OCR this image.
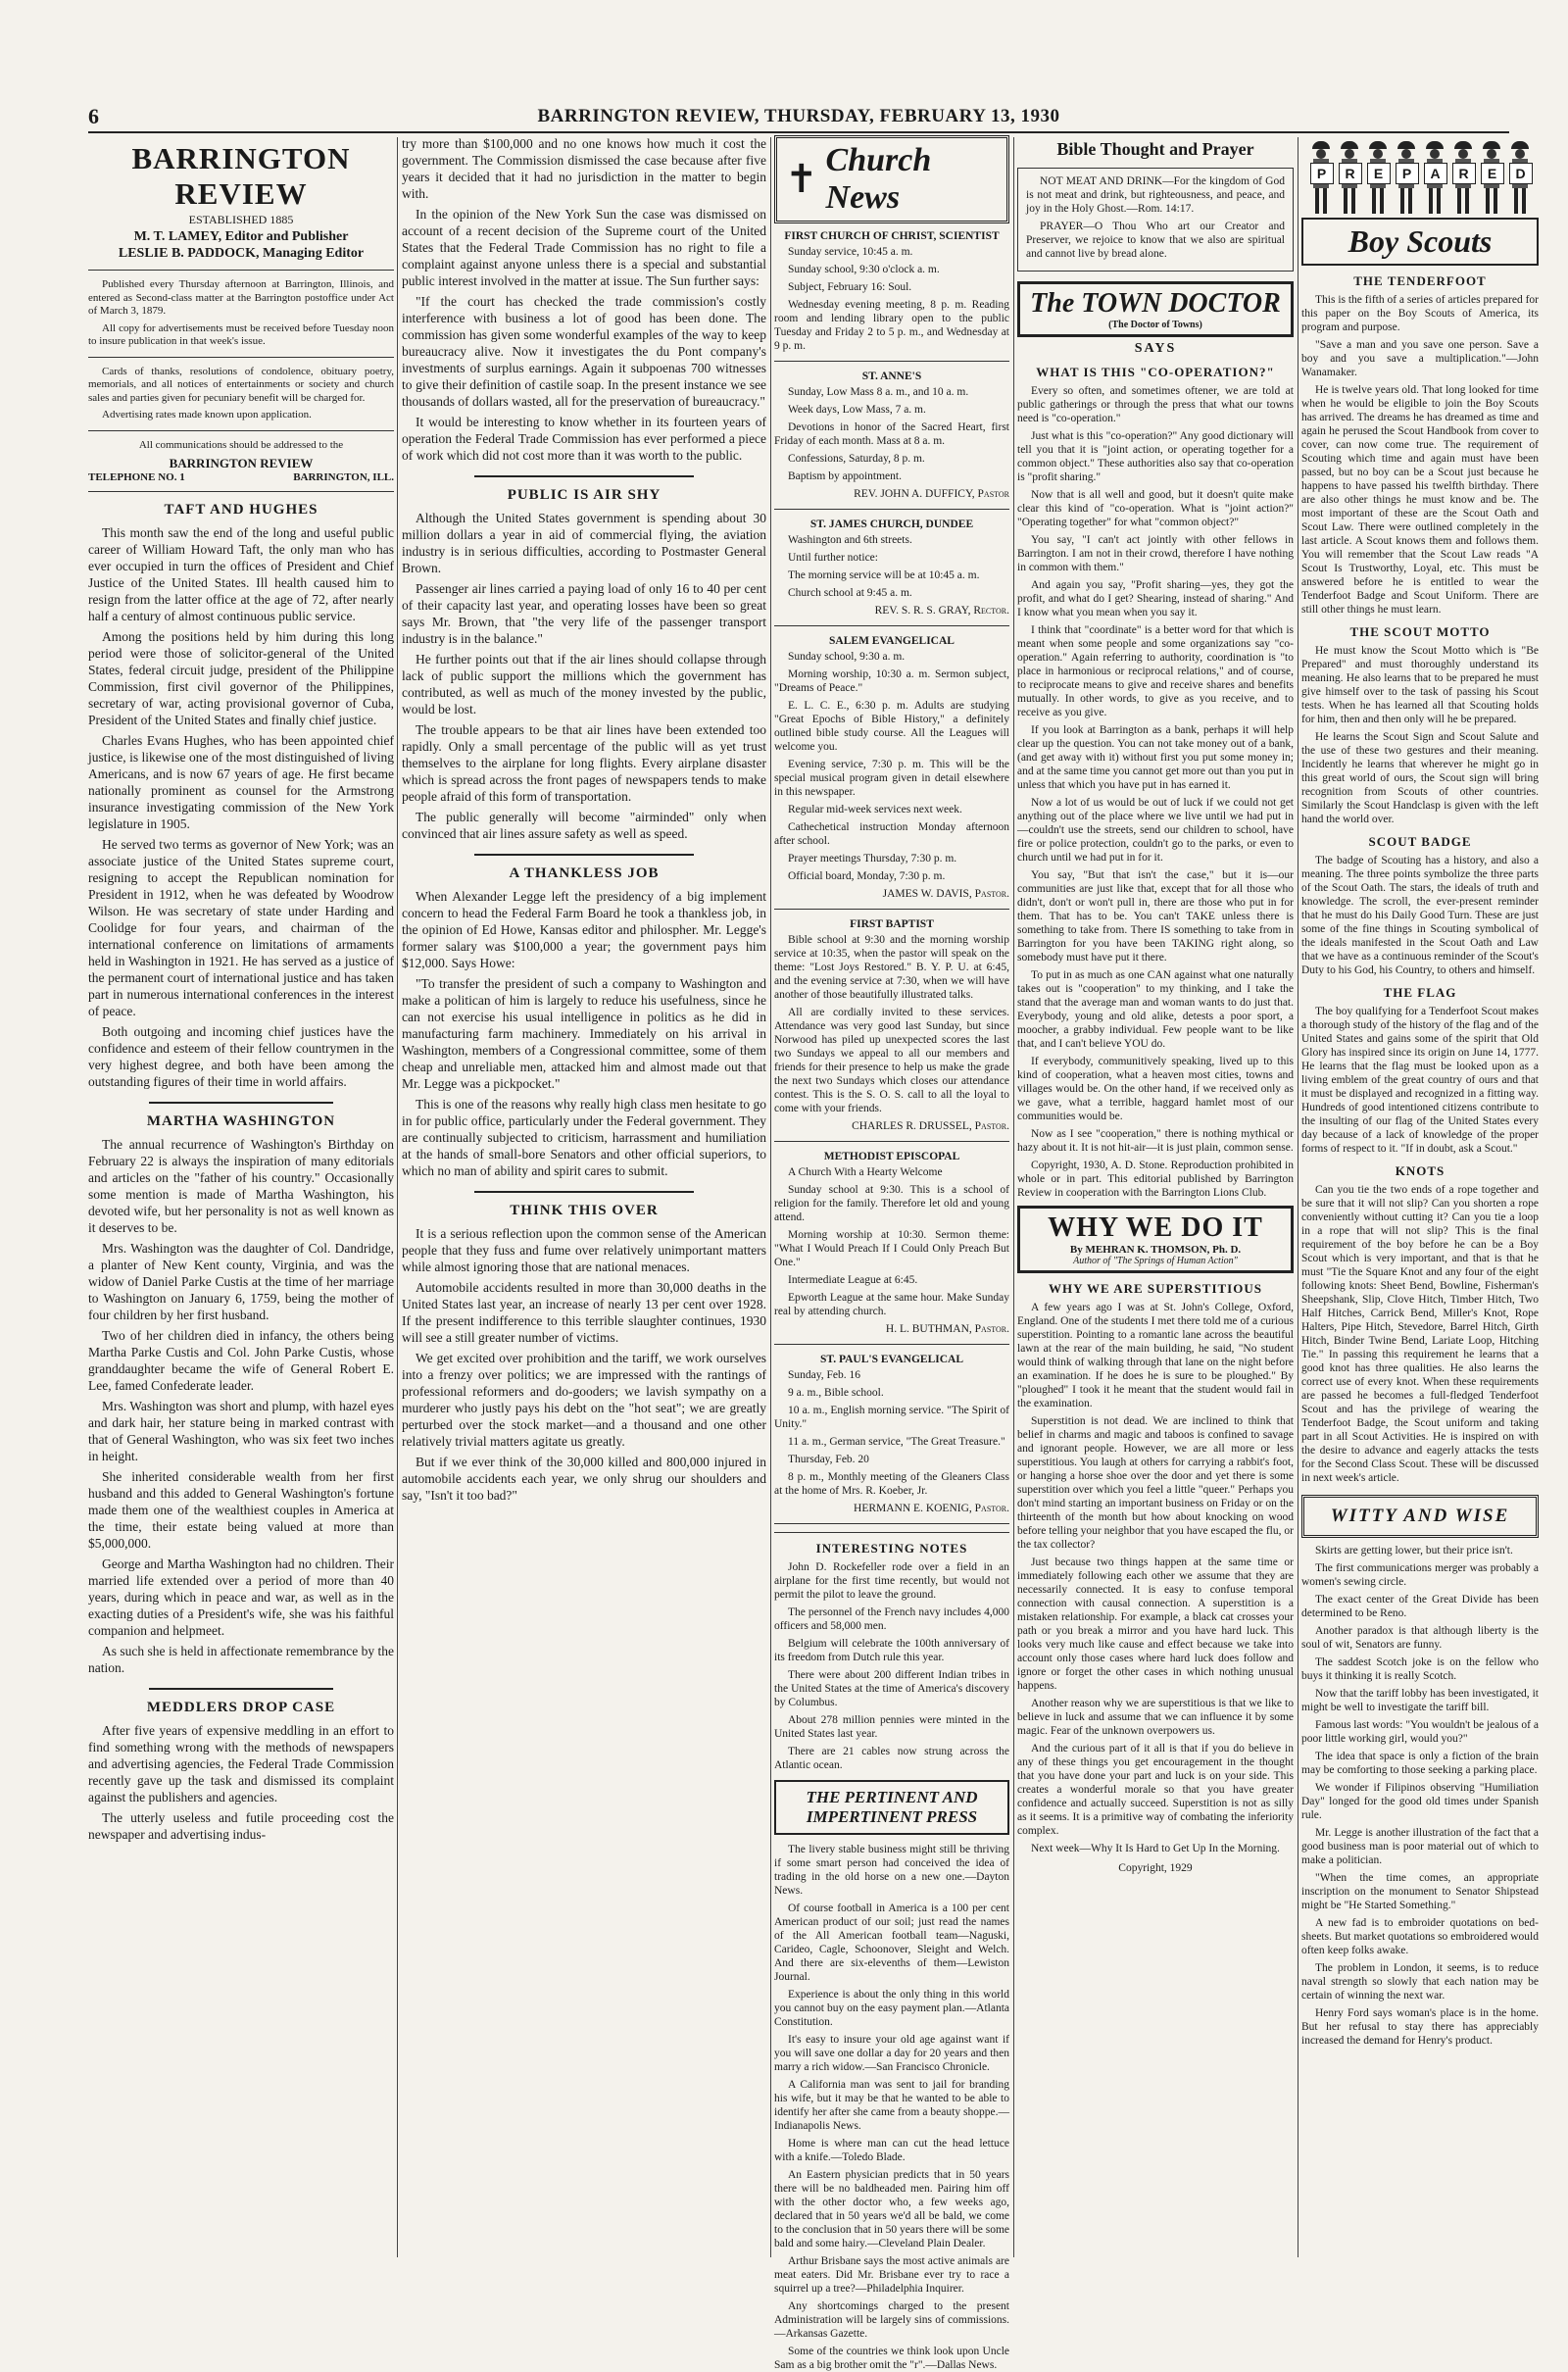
6	BARRINGTON REVIEW, THURSDAY, FEBRUARY 13, 1930
BARRINGTON REVIEW

ESTABLISHED 1885

M. T. LAMEY, Editor and Publisher

LESLIE B. PADDOCK, Managing Editor

Published every Thursday afternoon at Barrington, Illinois, and entered as Second-class matter at the Barrington postoffice under Act of March 3, 1879.

All copy for advertisements must be received before Tuesday noon to insure publication in that week's issue.

Cards of thanks, resolutions of condolence, obituary poetry, memorials, and all notices of entertainments or society and church sales and parties given for pecuniary benefit will be charged for.

Advertising rates made known upon application.

All communications should be addressed to the

BARRINGTON REVIEW
TELEPHONE NO. 1	BARRINGTON, ILL.
TAFT AND HUGHES

This month saw the end of the long and useful public career of William Howard Taft, the only man who has ever occupied in turn the offices of President and Chief Justice of the United States. Ill health caused him to resign from the latter office at the age of 72, after nearly half a century of almost continuous public service.

Among the positions held by him during this long period were those of solicitor-general of the United States, federal circuit judge, president of the Philippine Commission, first civil governor of the Philippines, secretary of war, acting provisional governor of Cuba, President of the United States and finally chief justice.

Charles Evans Hughes, who has been appointed chief justice, is likewise one of the most distinguished of living Americans, and is now 67 years of age. He first became nationally prominent as counsel for the Armstrong insurance investigating commission of the New York legislature in 1905.

He served two terms as governor of New York; was an associate justice of the United States supreme court, resigning to accept the Republican nomination for President in 1912, when he was defeated by Woodrow Wilson. He was secretary of state under Harding and Coolidge for four years, and chairman of the international conference on limitations of armaments held in Washington in 1921. He has served as a justice of the permanent court of international justice and has taken part in numerous international conferences in the interest of peace.

Both outgoing and incoming chief justices have the confidence and esteem of their fellow countrymen in the very highest degree, and both have been among the outstanding figures of their time in world affairs.

MARTHA WASHINGTON

The annual recurrence of Washington's Birthday on February 22 is always the inspiration of many editorials and articles on the "father of his country." Occasionally some mention is made of Martha Washington, his devoted wife, but her personality is not as well known as it deserves to be.

Mrs. Washington was the daughter of Col. Dandridge, a planter of New Kent county, Virginia, and was the widow of Daniel Parke Custis at the time of her marriage to Washington on January 6, 1759, being the mother of four children by her first husband.

Two of her children died in infancy, the others being Martha Parke Custis and Col. John Parke Custis, whose granddaughter became the wife of General Robert E. Lee, famed Confederate leader.

Mrs. Washington was short and plump, with hazel eyes and dark hair, her stature being in marked contrast with that of General Washington, who was six feet two inches in height.

She inherited considerable wealth from her first husband and this added to General Washington's fortune made them one of the wealthiest couples in America at the time, their estate being valued at more than $5,000,000.

George and Martha Washington had no children. Their married life extended over a period of more than 40 years, during which in peace and war, as well as in the exacting duties of a President's wife, she was his faithful companion and helpmeet.

As such she is held in affectionate remembrance by the nation.

MEDDLERS DROP CASE

After five years of expensive meddling in an effort to find something wrong with the methods of newspapers and advertising agencies, the Federal Trade Commission recently gave up the task and dismissed its complaint against the publishers and agencies.

The utterly useless and futile proceeding cost the newspaper and advertising indus-

try more than $100,000 and no one knows how much it cost the government. The Commission dismissed the case because after five years it decided that it had no jurisdiction in the matter to begin with.

In the opinion of the New York Sun the case was dismissed on account of a recent decision of the Supreme court of the United States that the Federal Trade Commission has no right to file a complaint against anyone unless there is a special and substantial public interest involved in the matter at issue. The Sun further says:

"If the court has checked the trade commission's costly interference with business a lot of good has been done. The commission has given some wonderful examples of the way to keep bureaucracy alive. Now it investigates the du Pont company's investments of surplus earnings. Again it subpoenas 700 witnesses to give their definition of castile soap. In the present instance we see thousands of dollars wasted, all for the preservation of bureaucracy."

It would be interesting to know whether in its fourteen years of operation the Federal Trade Commission has ever performed a piece of work which did not cost more than it was worth to the public.

PUBLIC IS AIR SHY

Although the United States government is spending about 30 million dollars a year in aid of commercial flying, the aviation industry is in serious difficulties, according to Postmaster General Brown.

Passenger air lines carried a paying load of only 16 to 40 per cent of their capacity last year, and operating losses have been so great says Mr. Brown, that "the very life of the passenger transport industry is in the balance."

He further points out that if the air lines should collapse through lack of public support the millions which the government has contributed, as well as much of the money invested by the public, would be lost.

The trouble appears to be that air lines have been extended too rapidly. Only a small percentage of the public will as yet trust themselves to the airplane for long flights. Every airplane disaster which is spread across the front pages of newspapers tends to make people afraid of this form of transportation.

The public generally will become "airminded" only when convinced that air lines assure safety as well as speed.

A THANKLESS JOB

When Alexander Legge left the presidency of a big implement concern to head the Federal Farm Board he took a thankless job, in the opinion of Ed Howe, Kansas editor and philospher. Mr. Legge's former salary was $100,000 a year; the government pays him $12,000. Says Howe:

"To transfer the president of such a company to Washington and make a politican of him is largely to reduce his usefulness, since he can not exercise his usual intelligence in politics as he did in manufacturing farm machinery. Immediately on his arrival in Washington, members of a Congressional committee, some of them cheap and unreliable men, attacked him and almost made out that Mr. Legge was a pickpocket."

This is one of the reasons why really high class men hesitate to go in for public office, particularly under the Federal government. They are continually subjected to criticism, harrassment and humiliation at the hands of small-bore Senators and other official superiors, to which no man of ability and spirit cares to submit.

THINK THIS OVER

It is a serious reflection upon the common sense of the American people that they fuss and fume over relatively unimportant matters while almost ignoring those that are national menaces.

Automobile accidents resulted in more than 30,000 deaths in the United States last year, an increase of nearly 13 per cent over 1928. If the present indifference to this terrible slaughter continues, 1930 will see a still greater number of victims.

We get excited over prohibition and the tariff, we work ourselves into a frenzy over politics; we are impressed with the rantings of professional reformers and do-gooders; we lavish sympathy on a murderer who justly pays his debt on the "hot seat"; we are greatly perturbed over the stock market—and a thousand and one other relatively trivial matters agitate us greatly.

But if we ever think of the 30,000 killed and 800,000 injured in automobile accidents each year, we only shrug our shoulders and say, "Isn't it too bad?"

✝ Church News

FIRST CHURCH OF CHRIST, SCIENTIST

Sunday service, 10:45 a. m.

Sunday school, 9:30 o'clock a. m.

Subject, February 16: Soul.

Wednesday evening meeting, 8 p. m. Reading room and lending library open to the public Tuesday and Friday 2 to 5 p. m., and Wednesday at 9 p. m.

ST. ANNE'S

Sunday, Low Mass 8 a. m., and 10 a. m.

Week days, Low Mass, 7 a. m.

Devotions in honor of the Sacred Heart, first Friday of each month. Mass at 8 a. m.

Confessions, Saturday, 8 p. m.

Baptism by appointment.

REV. JOHN A. DUFFICY, Pastor

ST. JAMES CHURCH, DUNDEE

Washington and 6th streets.

Until further notice:

The morning service will be at 10:45 a. m.

Church school at 9:45 a. m.

REV. S. R. S. GRAY, Rector.

SALEM EVANGELICAL

Sunday school, 9:30 a. m.

Morning worship, 10:30 a. m. Sermon subject, "Dreams of Peace."

E. L. C. E., 6:30 p. m. Adults are studying "Great Epochs of Bible History," a definitely outlined bible study course. All the Leagues will welcome you.

Evening service, 7:30 p. m. This will be the special musical program given in detail elsewhere in this newspaper.

Regular mid-week services next week.

Cathechetical instruction Monday afternoon after school.

Prayer meetings Thursday, 7:30 p. m.

Official board, Monday, 7:30 p. m.

JAMES W. DAVIS, Pastor.

FIRST BAPTIST

Bible school at 9:30 and the morning worship service at 10:35, when the pastor will speak on the theme: "Lost Joys Restored." B. Y. P. U. at 6:45, and the evening service at 7:30, when we will have another of those beautifully illustrated talks.

All are cordially invited to these services. Attendance was very good last Sunday, but since Norwood has piled up unexpected scores the last two Sundays we appeal to all our members and friends for their presence to help us make the grade the next two Sundays which closes our attendance contest. This is the S. O. S. call to all the loyal to come with your friends.

CHARLES R. DRUSSEL, Pastor.

METHODIST EPISCOPAL

A Church With a Hearty Welcome

Sunday school at 9:30. This is a school of religion for the family. Therefore let old and young attend.

Morning worship at 10:30. Sermon theme: "What I Would Preach If I Could Only Preach But One."

Intermediate League at 6:45.

Epworth League at the same hour. Make Sunday real by attending church.

H. L. BUTHMAN, Pastor.

ST. PAUL'S EVANGELICAL

Sunday, Feb. 16

9 a. m., Bible school.

10 a. m., English morning service. "The Spirit of Unity."

11 a. m., German service, "The Great Treasure."

Thursday, Feb. 20

8 p. m., Monthly meeting of the Gleaners Class at the home of Mrs. R. Koeber, Jr.

HERMANN E. KOENIG, Pastor.

INTERESTING NOTES

John D. Rockefeller rode over a field in an airplane for the first time recently, but would not permit the pilot to leave the ground.

The personnel of the French navy includes 4,000 officers and 58,000 men.

Belgium will celebrate the 100th anniversary of its freedom from Dutch rule this year.

There were about 200 different Indian tribes in the United States at the time of America's discovery by Columbus.

About 278 million pennies were minted in the United States last year.

There are 21 cables now strung across the Atlantic ocean.

THE PERTINENT AND IMPERTINENT PRESS

The livery stable business might still be thriving if some smart person had conceived the idea of trading in the old horse on a new one.—Dayton News.

Of course football in America is a 100 per cent American product of our soil; just read the names of the All American football team—Naguski, Carideo, Cagle, Schoonover, Sleight and Welch. And there are six-elevenths of them—Lewiston Journal.

Experience is about the only thing in this world you cannot buy on the easy payment plan.—Atlanta Constitution.

It's easy to insure your old age against want if you will save one dollar a day for 20 years and then marry a rich widow.—San Francisco Chronicle.

A California man was sent to jail for branding his wife, but it may be that he wanted to be able to identify her after she came from a beauty shoppe.—Indianapolis News.

Home is where man can cut the head lettuce with a knife.—Toledo Blade.

An Eastern physician predicts that in 50 years there will be no baldheaded men. Pairing him off with the other doctor who, a few weeks ago, declared that in 50 years we'd all be bald, we come to the conclusion that in 50 years there will be some bald and some hairy.—Cleveland Plain Dealer.

Arthur Brisbane says the most active animals are meat eaters. Did Mr. Brisbane ever try to race a squirrel up a tree?—Philadelphia Inquirer.

Any shortcomings charged to the present Administration will be largely sins of commissions.—Arkansas Gazette.

Some of the countries we think look upon Uncle Sam as a big brother omit the "r".—Dallas News.

Bible Thought and Prayer

NOT MEAT AND DRINK—For the kingdom of God is not meat and drink, but righteousness, and peace, and joy in the Holy Ghost.—Rom. 14:17.

PRAYER—O Thou Who art our Creator and Preserver, we rejoice to know that we also are spiritual and cannot live by bread alone.

The TOWN DOCTOR
(The Doctor of Towns)
SAYS
WHAT IS THIS "CO-OPERATION?"

Every so often, and sometimes oftener, we are told at public gatherings or through the press that what our towns need is "co-operation."

Just what is this "co-operation?" Any good dictionary will tell you that it is "joint action, or operating together for a common object." These authorities also say that co-operation is "profit sharing."

Now that is all well and good, but it doesn't quite make clear this kind of "co-operation. What is "joint action?" "Operating together" for what "common object?"

You say, "I can't act jointly with other fellows in Barrington. I am not in their crowd, therefore I have nothing in common with them."

And again you say, "Profit sharing—yes, they got the profit, and what do I get? Shearing, instead of sharing." And I know what you mean when you say it.

I think that "coordinate" is a better word for that which is meant when some people and some organizations say "co-operation." Again referring to authority, coordination is "to place in harmonious or reciprocal relations," and of course, to reciprocate means to give and receive shares and benefits mutually. In other words, to give as you receive, and to receive as you give.

If you look at Barrington as a bank, perhaps it will help clear up the question. You can not take money out of a bank, (and get away with it) without first you put some money in; and at the same time you cannot get more out than you put in unless that which you have put in has earned it.

Now a lot of us would be out of luck if we could not get anything out of the place where we live until we had put in—couldn't use the streets, send our children to school, have fire or police protection, couldn't go to the parks, or even to church until we had put in for it.

You say, "But that isn't the case," but it is—our communities are just like that, except that for all those who didn't, don't or won't pull in, there are those who put in for them. That has to be. You can't TAKE unless there is something to take from. There IS something to take from in Barrington for you have been TAKING right along, so somebody must have put it there.

To put in as much as one CAN against what one naturally takes out is "cooperation" to my thinking, and I take the stand that the average man and woman wants to do just that. Everybody, young and old alike, detests a poor sport, a moocher, a grabby individual. Few people want to be like that, and I can't believe YOU do.

If everybody, communitively speaking, lived up to this kind of cooperation, what a heaven most cities, towns and villages would be. On the other hand, if we received only as we gave, what a terrible, haggard hamlet most of our communities would be.

Now as I see "cooperation," there is nothing mythical or hazy about it. It is not hit-air—it is just plain, common sense.

Copyright, 1930, A. D. Stone. Reproduction prohibited in whole or in part. This editorial published by Barrington Review in cooperation with the Barrington Lions Club.

WHY WE DO IT
By MEHRAN K. THOMSON, Ph. D.
Author of "The Springs of Human Action"
WHY WE ARE SUPERSTITIOUS

A few years ago I was at St. John's College, Oxford, England. One of the students I met there told me of a curious superstition. Pointing to a romantic lane across the beautiful lawn at the rear of the main building, he said, "No student would think of walking through that lane on the night before an examination. If he does he is sure to be ploughed." By "ploughed" I took it he meant that the student would fail in the examination.

Superstition is not dead. We are inclined to think that belief in charms and magic and taboos is confined to savage and ignorant people. However, we are all more or less superstitious. You laugh at others for carrying a rabbit's foot, or hanging a horse shoe over the door and yet there is some superstition over which you feel a little "queer." Perhaps you don't mind starting an important business on Friday or on the thirteenth of the month but how about knocking on wood before telling your neighbor that you have escaped the flu, or the tax collector?

Just because two things happen at the same time or immediately following each other we assume that they are necessarily connected. It is easy to confuse temporal connection with causal connection. A superstition is a mistaken relationship. For example, a black cat crosses your path or you break a mirror and you have hard luck. This looks very much like cause and effect because we take into account only those cases where hard luck does follow and ignore or forget the other cases in which nothing unusual happens.

Another reason why we are superstitious is that we like to believe in luck and assume that we can influence it by some magic. Fear of the unknown overpowers us.

And the curious part of it all is that if you do believe in any of these things you get encouragement in the thought that you have done your part and luck is on your side. This creates a wonderful morale so that you have greater confidence and actually succeed. Superstition is not as silly as it seems. It is a primitive way of combating the inferiority complex.

Next week—Why It Is Hard to Get Up In the Morning.

Copyright, 1929

P	R	E	P	A	R	E	D
Boy Scouts
THE TENDERFOOT

This is the fifth of a series of articles prepared for this paper on the Boy Scouts of America, its program and purpose.

"Save a man and you save one person. Save a boy and you save a multiplication."—John Wanamaker.

He is twelve years old. That long looked for time when he would be eligible to join the Boy Scouts has arrived. The dreams he has dreamed as time and again he perused the Scout Handbook from cover to cover, can now come true. The requirement of Scouting which time and again must have been passed, but no boy can be a Scout just because he happens to have passed his twelfth birthday. There are also other things he must know and be. The most important of these are the Scout Oath and Scout Law. There were outlined completely in the last article. A Scout knows them and follows them. You will remember that the Scout Law reads "A Scout Is Trustworthy, Loyal, etc. This must be answered before he is entitled to wear the Tenderfoot Badge and Scout Uniform. There are still other things he must learn.

THE SCOUT MOTTO

He must know the Scout Motto which is "Be Prepared" and must thoroughly understand its meaning. He also learns that to be prepared he must give himself over to the task of passing his Scout tests. When he has learned all that Scouting holds for him, then and then only will he be prepared.

He learns the Scout Sign and Scout Salute and the use of these two gestures and their meaning. Incidently he learns that wherever he might go in this great world of ours, the Scout sign will bring recognition from Scouts of other countries. Similarly the Scout Handclasp is given with the left hand the world over.

SCOUT BADGE

The badge of Scouting has a history, and also a meaning. The three points symbolize the three parts of the Scout Oath. The stars, the ideals of truth and knowledge. The scroll, the ever-present reminder that he must do his Daily Good Turn. These are just some of the fine things in Scouting symbolical of the ideals manifested in the Scout Oath and Law that we have as a continuous reminder of the Scout's Duty to his God, his Country, to others and himself.

THE FLAG

The boy qualifying for a Tenderfoot Scout makes a thorough study of the history of the flag and of the United States and gains some of the spirit that Old Glory has inspired since its origin on June 14, 1777. He learns that the flag must be looked upon as a living emblem of the great country of ours and that it must be displayed and recognized in a fitting way. Hundreds of good intentioned citizens contribute to the insulting of our flag of the United States every day because of a lack of knowledge of the proper forms of respect to it. "If in doubt, ask a Scout."

KNOTS

Can you tie the two ends of a rope together and be sure that it will not slip? Can you shorten a rope conveniently without cutting it? Can you tie a loop in a rope that will not slip? This is the final requirement of the boy before he can be a Boy Scout which is very important, and that is that he must "Tie the Square Knot and any four of the eight following knots: Sheet Bend, Bowline, Fisherman's Sheepshank, Slip, Clove Hitch, Timber Hitch, Two Half Hitches, Carrick Bend, Miller's Knot, Rope Halters, Pipe Hitch, Stevedore, Barrel Hitch, Girth Hitch, Binder Twine Bend, Lariate Loop, Hitching Tie." In passing this requirement he learns that a good knot has three qualities. He also learns the correct use of every knot. When these requirements are passed he becomes a full-fledged Tenderfoot Scout and has the privilege of wearing the Tenderfoot Badge, the Scout uniform and taking part in all Scout Activities. He is inspired on with the desire to advance and eagerly attacks the tests for the Second Class Scout. These will be discussed in next week's article.

WITTY AND WISE

Skirts are getting lower, but their price isn't.

The first communications merger was probably a women's sewing circle.

The exact center of the Great Divide has been determined to be Reno.

Another paradox is that although liberty is the soul of wit, Senators are funny.

The saddest Scotch joke is on the fellow who buys it thinking it is really Scotch.

Now that the tariff lobby has been investigated, it might be well to investigate the tariff bill.

Famous last words: "You wouldn't be jealous of a poor little working girl, would you?"

The idea that space is only a fiction of the brain may be comforting to those seeking a parking place.

We wonder if Filipinos observing "Humiliation Day" longed for the good old times under Spanish rule.

Mr. Legge is another illustration of the fact that a good business man is poor material out of which to make a politician.

"When the time comes, an appropriate inscription on the monument to Senator Shipstead might be "He Started Something."

A new fad is to embroider quotations on bed-sheets. But market quotations so embroidered would often keep folks awake.

The problem in London, it seems, is to reduce naval strength so slowly that each nation may be certain of winning the next war.

Henry Ford says woman's place is in the home. But her refusal to stay there has appreciably increased the demand for Henry's product.
